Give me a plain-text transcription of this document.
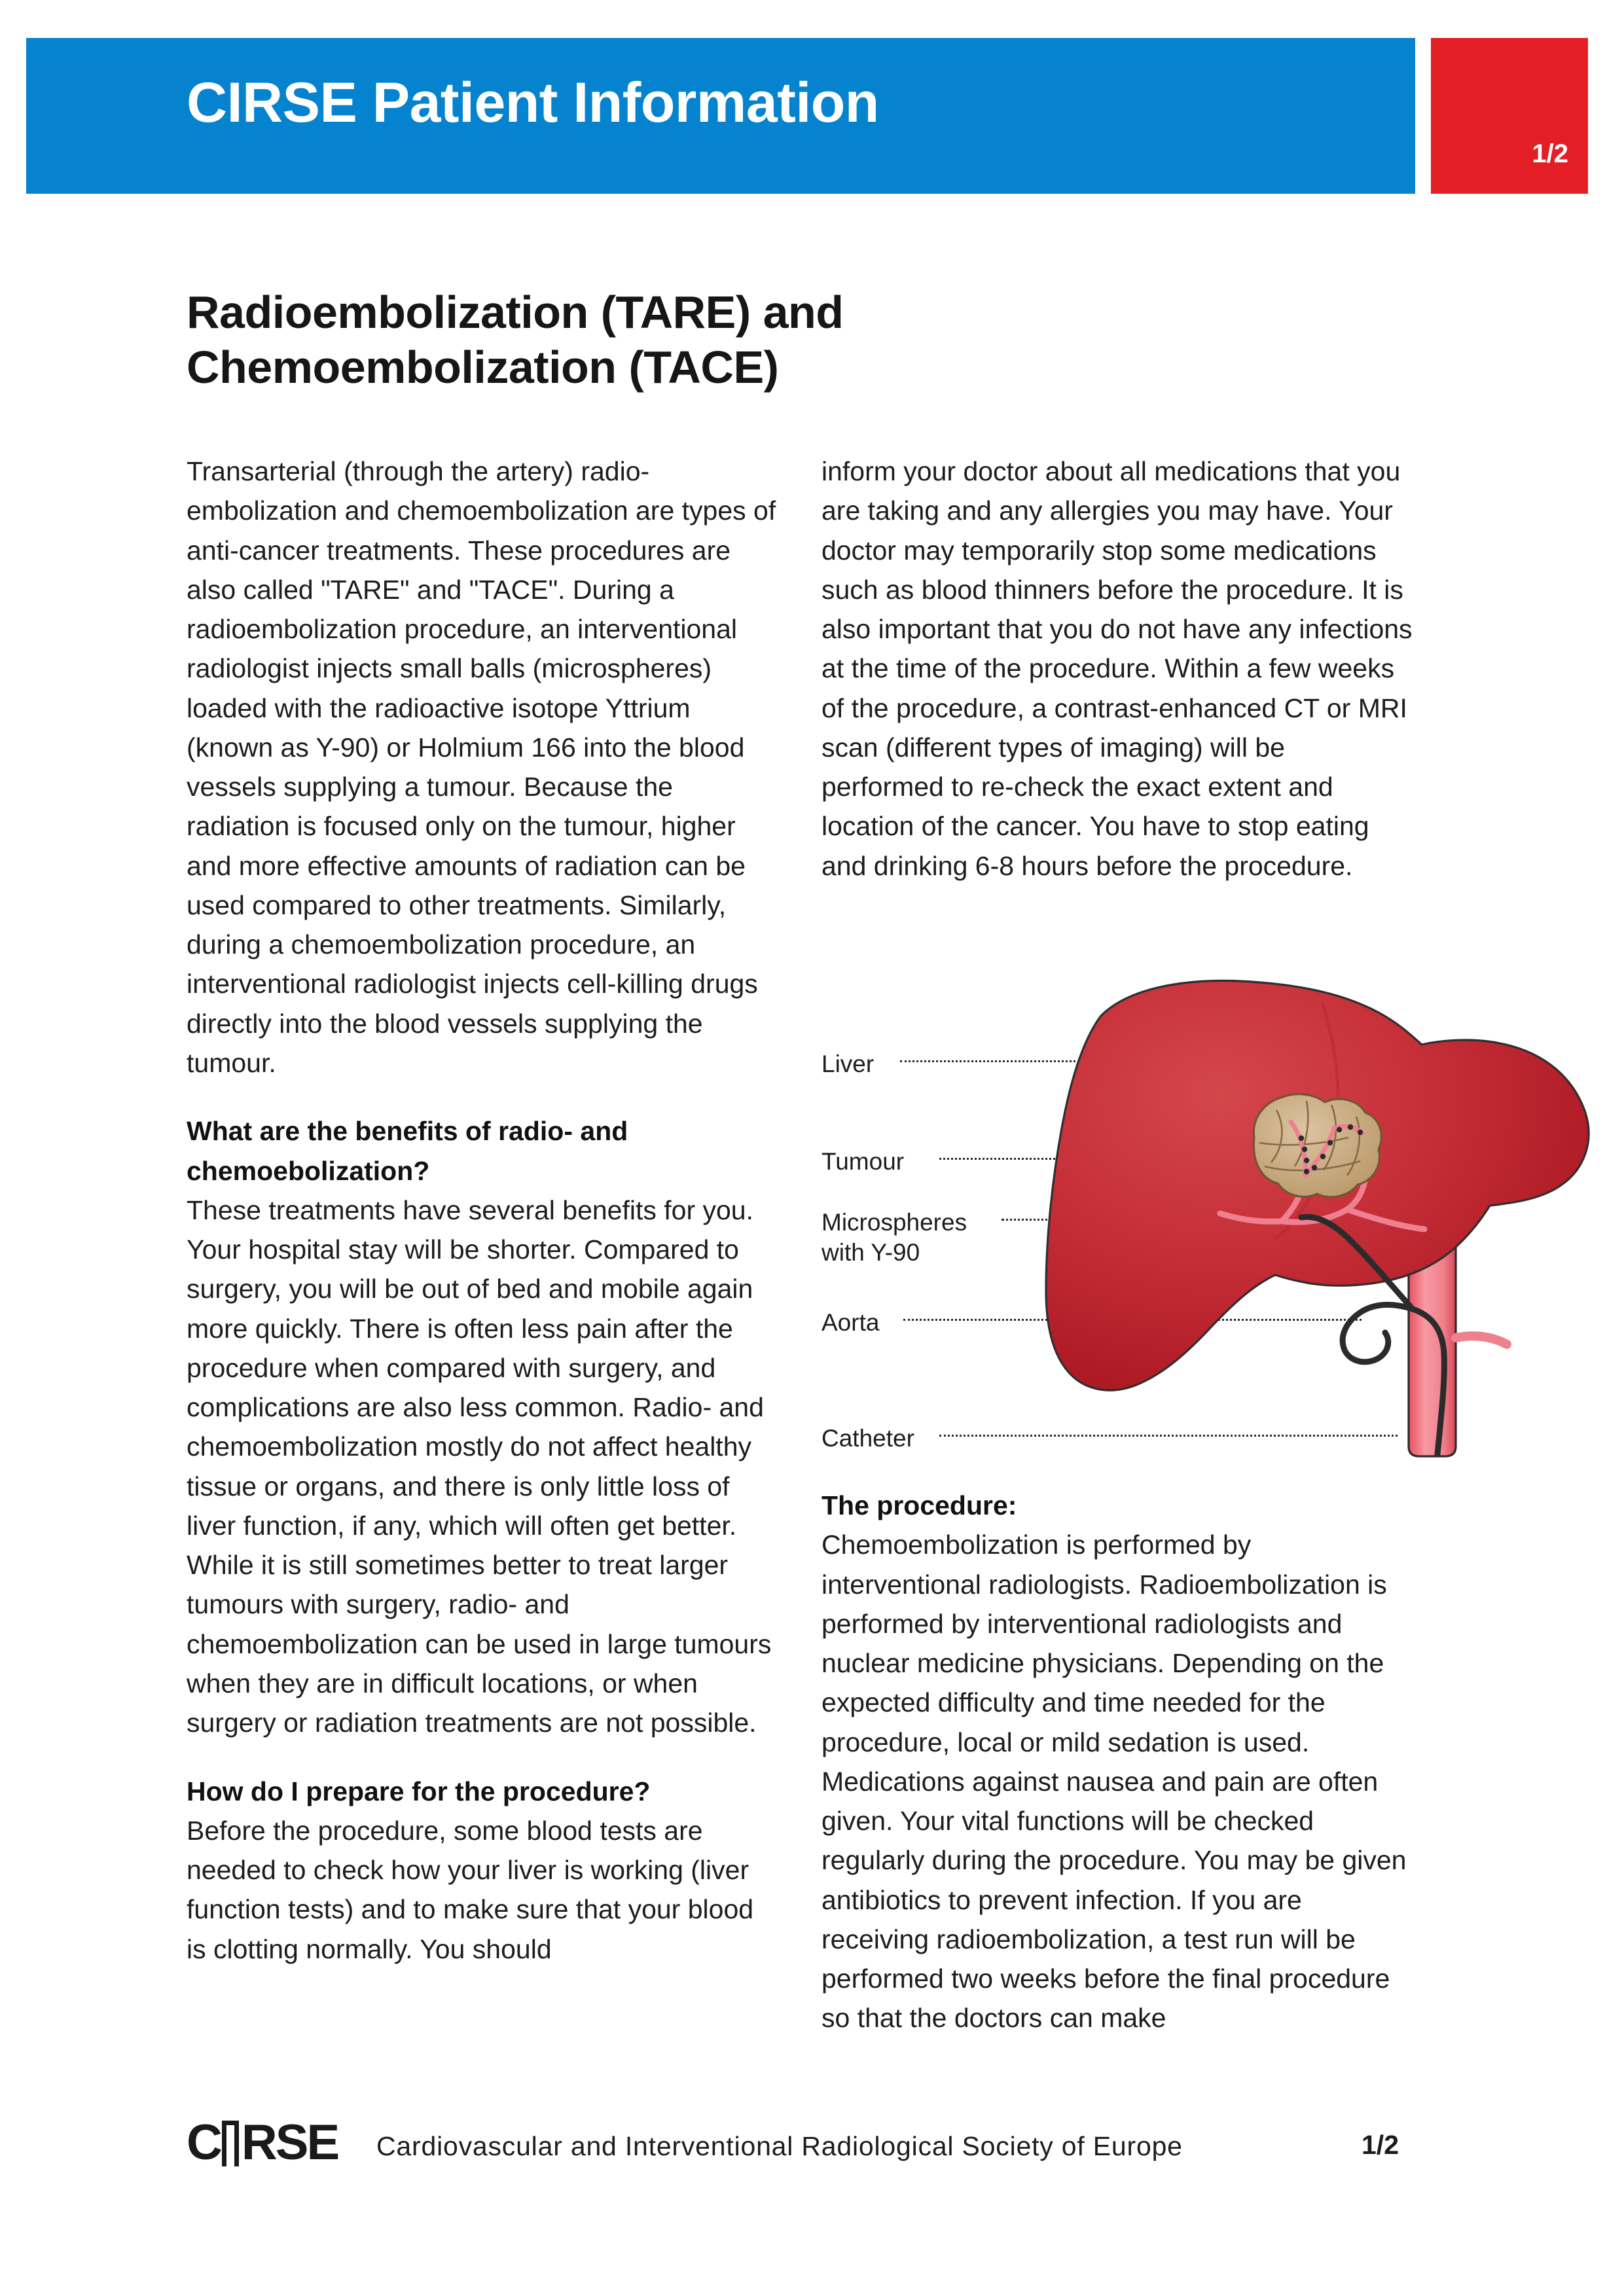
CIRSE Patient Information
1/2
Radioembolization (TARE) and Chemoembolization (TACE)

Transarterial (through the artery) radio-embolization and chemoembolization are types of anti-cancer treatments. These procedures are also called "TARE" and "TACE". During a radioembolization procedure, an interventional radiologist injects small balls (microspheres) loaded with the radioactive isotope Yttrium (known as Y-90) or Holmium 166 into the blood vessels supplying a tumour. Because the radiation is focused only on the tumour, higher and more effective amounts of radiation can be used compared to other treatments. Similarly, during a chemoembolization procedure, an interventional radiologist injects cell-killing drugs directly into the blood vessels supplying the tumour.

What are the benefits of radio- and chemoebolization?

These treatments have several benefits for you. Your hospital stay will be shorter. Compared to surgery, you will be out of bed and mobile again more quickly. There is often less pain after the procedure when compared with surgery, and complications are also less common. Radio- and chemoembolization mostly do not affect healthy tissue or organs, and there is only little loss of liver function, if any, which will often get better. While it is still sometimes better to treat larger tumours with surgery, radio- and chemoembolization can be used in large tumours when they are in difficult locations, or when surgery or radiation treatments are not possible.

How do I prepare for the procedure?

Before the procedure, some blood tests are needed to check how your liver is working (liver function tests) and to make sure that your blood is clotting normally. You should

inform your doctor about all medications that you are taking and any allergies you may have. Your doctor may temporarily stop some medications such as blood thinners before the procedure. It is also important that you do not have any infections at the time of the procedure. Within a few weeks of the procedure, a contrast-enhanced CT or MRI scan (different types of imaging) will be performed to re-check the exact extent and location of the cancer. You have to stop eating and drinking 6-8 hours before the procedure.

Liver
Tumour
Microspheres
with Y-90
Aorta
Catheter

The procedure:

Chemoembolization is performed by interventional radiologists. Radioembolization is performed by interventional radiologists and nuclear medicine physicians. Depending on the expected difficulty and time needed for the procedure, local or mild sedation is used. Medications against nausea and pain are often given. Your vital functions will be checked regularly during the procedure. You may be given antibiotics to prevent infection. If you are receiving radioembolization, a test run will be performed two weeks before the final procedure so that the doctors can make

C RSE Cardiovascular and Interventional Radiological Society of Europe	1/2
